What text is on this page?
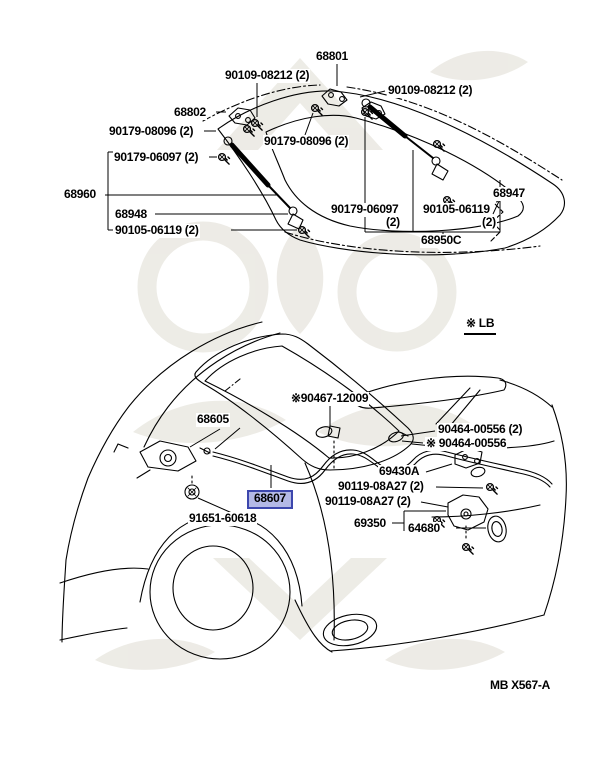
68801
90109-08212 (2)
90109-08212 (2)
68802
90179-08096 (2)
90179-06097 (2)
68960
68948
90105-06119 (2)
90179-08096 (2)
90179-06097
(2)
90105-06119
(2)
68947
68950C
※ LB
※90467-12009
68605
90464-00556 (2)
※ 90464-00556
69430A
90119-08A27 (2)
90119-08A27 (2)
68607
91651-60618	69350 64680
MB X567-A
